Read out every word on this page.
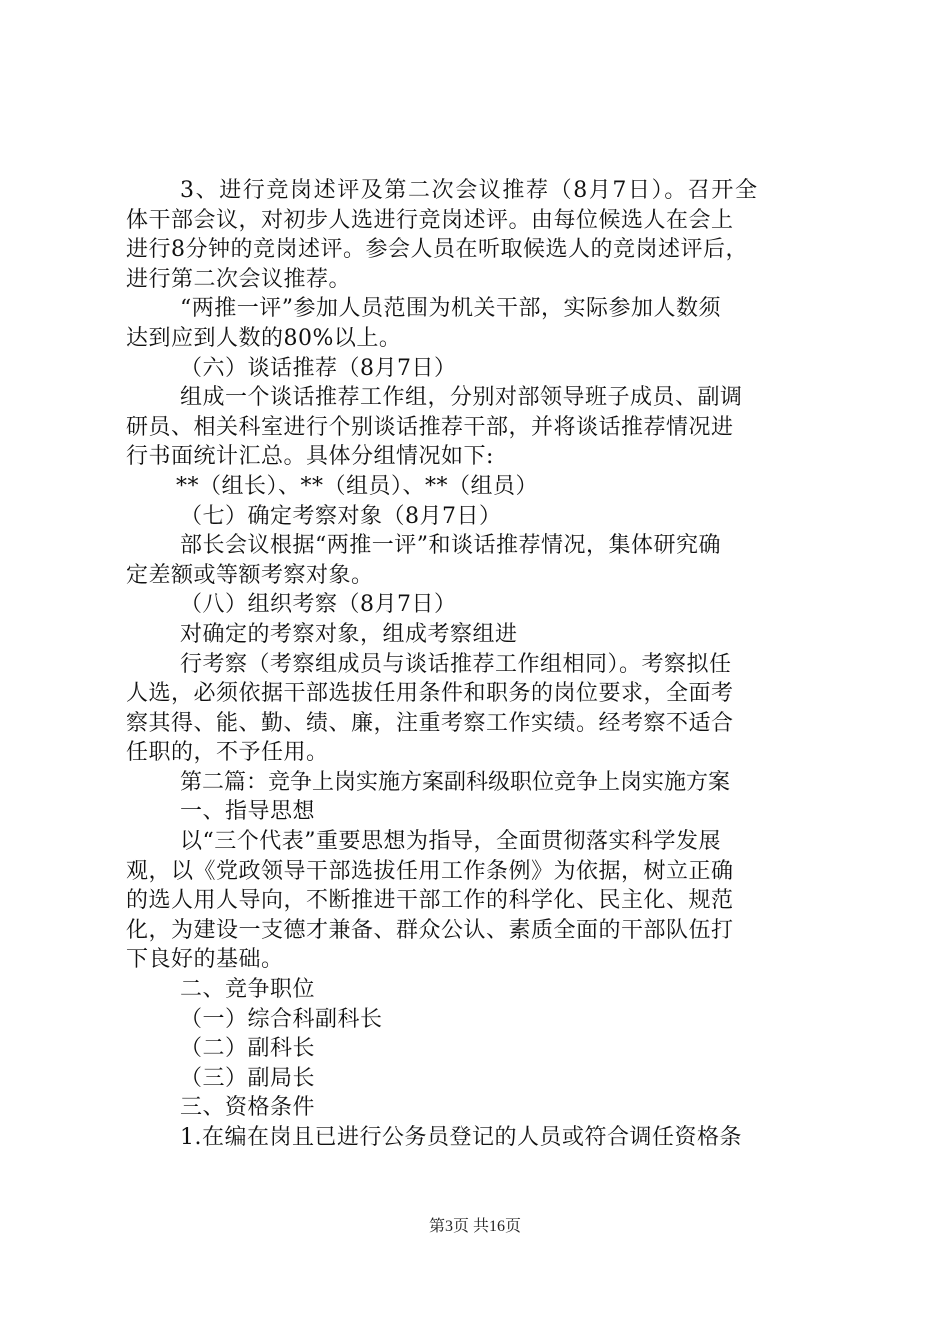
3、进行竞岗述评及第二次会议推荐（8月7日）。召开全
体干部会议，对初步人选进行竞岗述评。由每位候选人在会上
进行8分钟的竞岗述评。参会人员在听取候选人的竞岗述评后，
进行第二次会议推荐。
“两推一评”参加人员范围为机关干部，实际参加人数须
达到应到人数的80%以上。
（六）谈话推荐（8月7日）
组成一个谈话推荐工作组，分别对部领导班子成员、副调
研员、相关科室进行个别谈话推荐干部，并将谈话推荐情况进
行书面统计汇总。具体分组情况如下:
**（组长）、**（组员）、**（组员）
（七）确定考察对象（8月7日）
部长会议根据“两推一评”和谈话推荐情况，集体研究确
定差额或等额考察对象。
（八）组织考察（8月7日）
对确定的考察对象，组成考察组进
行考察（考察组成员与谈话推荐工作组相同）。考察拟任
人选，必须依据干部选拔任用条件和职务的岗位要求，全面考
察其得、能、勤、绩、廉，注重考察工作实绩。经考察不适合
任职的，不予任用。
第二篇：竞争上岗实施方案副科级职位竞争上岗实施方案
一、指导思想
以“三个代表”重要思想为指导，全面贯彻落实科学发展
观，以《党政领导干部选拔任用工作条例》为依据，树立正确
的选人用人导向，不断推进干部工作的科学化、民主化、规范
化，为建设一支德才兼备、群众公认、素质全面的干部队伍打
下良好的基础。
二、竞争职位
（一）综合科副科长
（二）副科长
（三）副局长
三、资格条件
1.在编在岗且已进行公务员登记的人员或符合调任资格条
第3页 共16页
